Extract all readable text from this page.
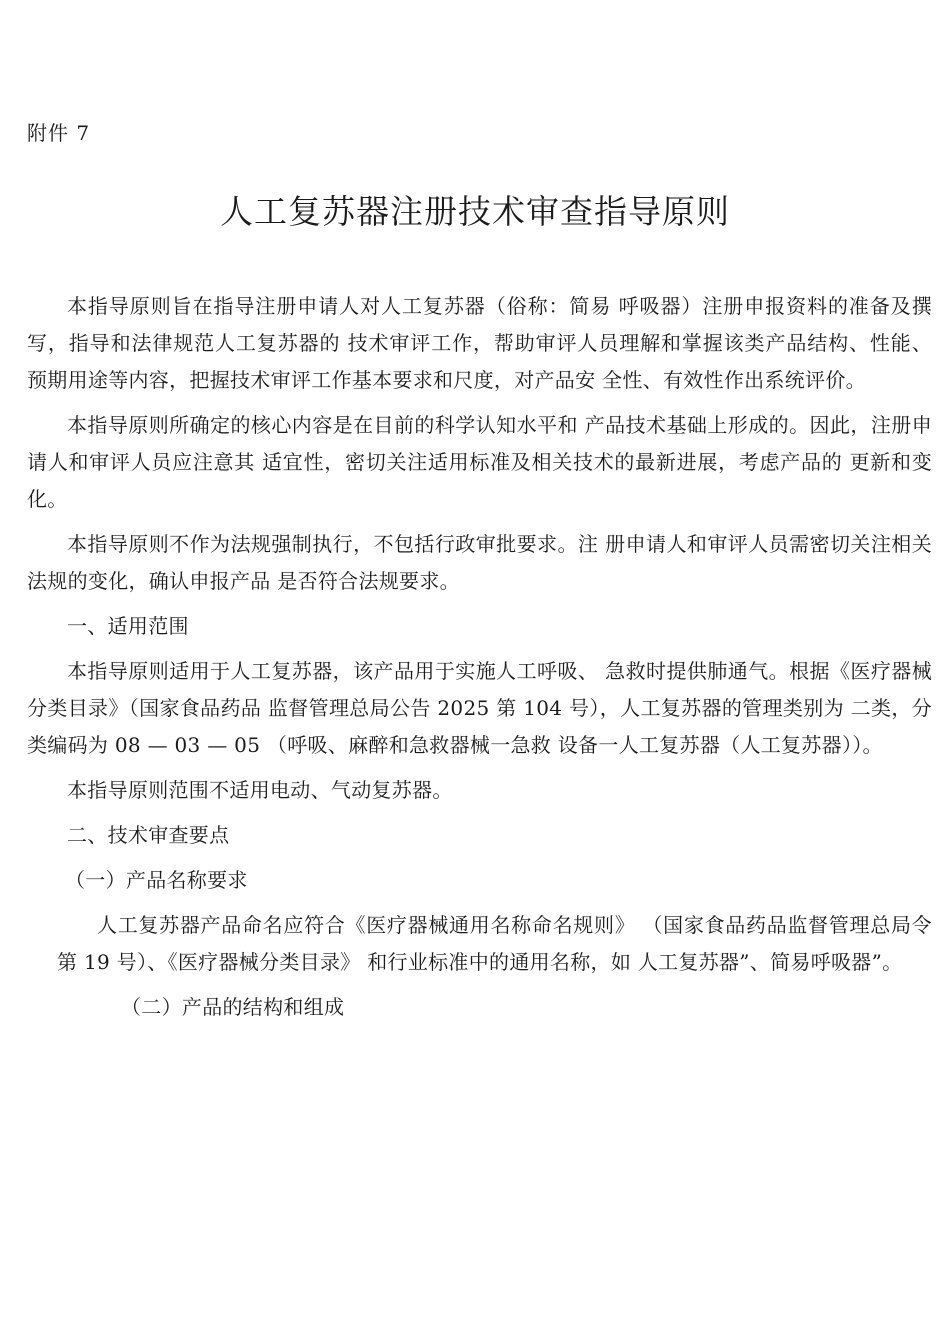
附件 7
人工复苏器注册技术审查指导原则

本指导原则旨在指导注册申请人对人工复苏器（俗称：简易 呼吸器）注册申报资料的准备及撰写，指导和法律规范人工复苏器的 技术审评工作，帮助审评人员理解和掌握该类产品结构、性能、 预期用途等内容，把握技术审评工作基本要求和尺度，对产品安 全性、有效性作出系统评价。

本指导原则所确定的核心内容是在目前的科学认知水平和 产品技术基础上形成的。因此，注册申请人和审评人员应注意其 适宜性，密切关注适用标准及相关技术的最新进展，考虑产品的 更新和变化。

本指导原则不作为法规强制执行，不包括行政审批要求。注 册申请人和审评人员需密切关注相关法规的变化，确认申报产品 是否符合法规要求。

一、适用范围

本指导原则适用于人工复苏器，该产品用于实施人工呼吸、 急救时提供肺通气。根据《医疗器械分类目录》（国家食品药品 监督管理总局公告 2025 第 104 号），人工复苏器的管理类别为 二类，分类编码为 08 — 03 — 05 （呼吸、麻醉和急救器械一急救 设备一人工复苏器（人工复苏器））。

本指导原则范围不适用电动、气动复苏器。

二、技术审查要点

（一）产品名称要求

人工复苏器产品命名应符合《医疗器械通用名称命名规则》 （国家食品药品监督管理总局令第 19 号）、《医疗器械分类目录》 和行业标准中的通用名称，如 人工复苏器”、简易呼吸器”。

（二）产品的结构和组成
